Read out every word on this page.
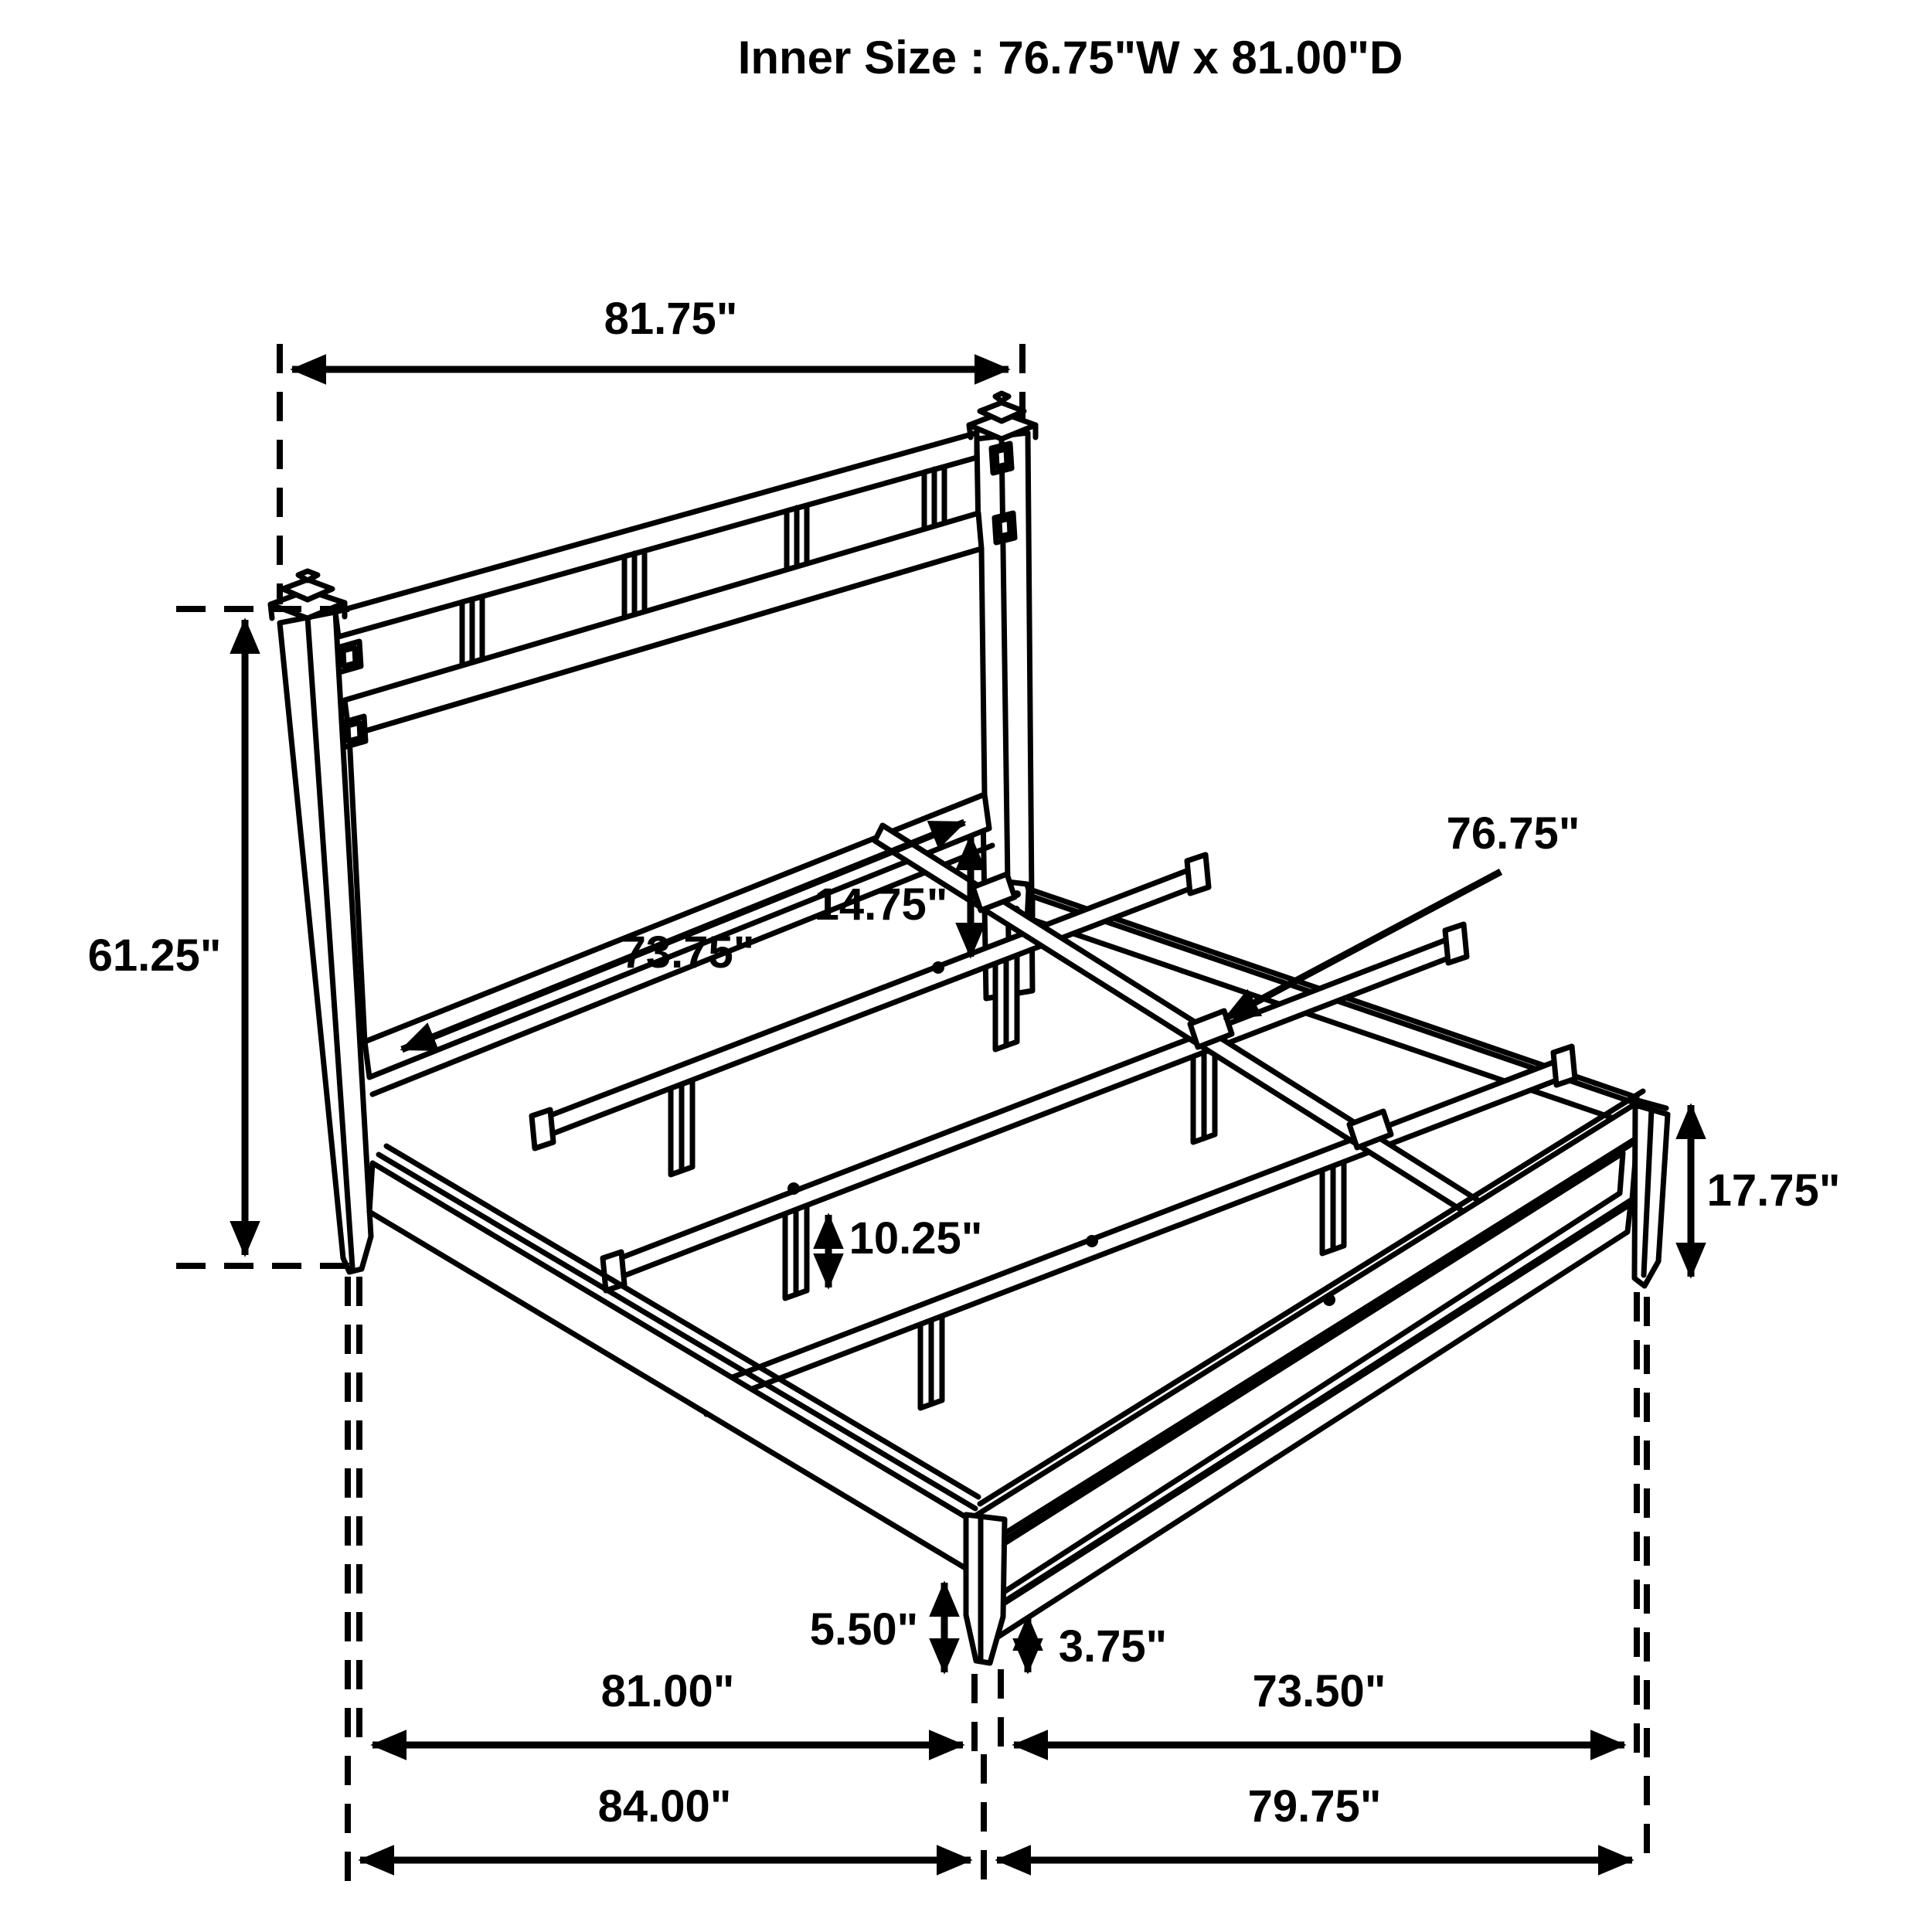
81.75"
61.25"	73.75"
14.75"
76.75"
10.25"
17.75"
5.50"	3.75"
81.00"	73.50"
84.00"	79.75"
Inner Size : 76.75"W x 81.00"D
